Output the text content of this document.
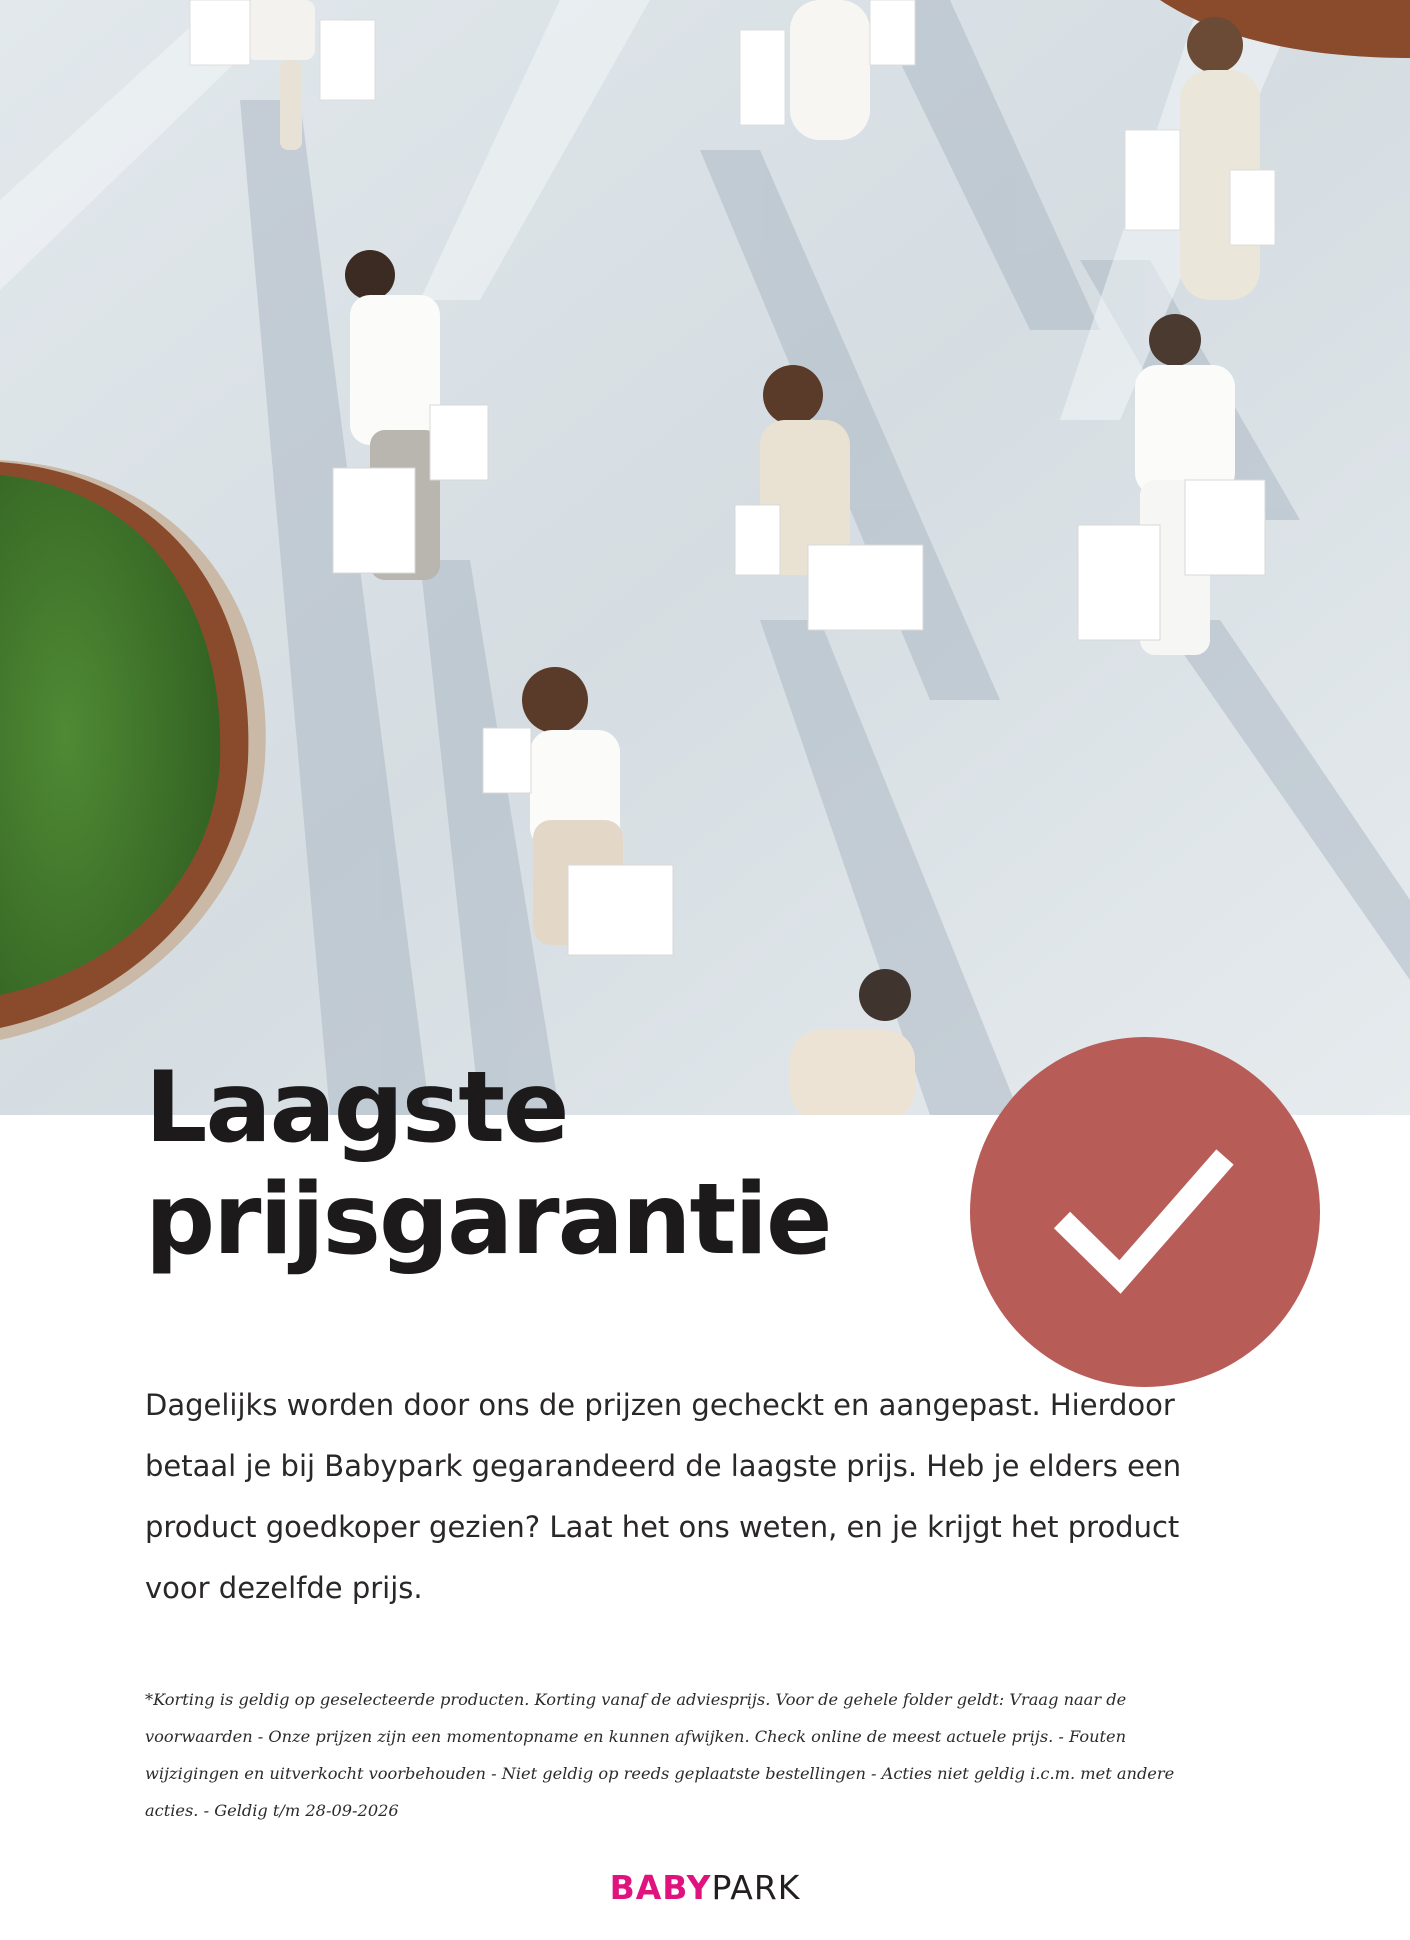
Laagste
prijsgarantie

Dagelijks worden door ons de prijzen gecheckt en aangepast. Hierdoor betaal je bij Babypark gegarandeerd de laagste prijs. Heb je elders een product goedkoper gezien? Laat het ons weten, en je krijgt het product voor dezelfde prijs.

*Korting is geldig op geselecteerde producten. Korting vanaf de adviesprijs. Voor de gehele folder geldt: Vraag naar de voorwaarden - Onze prijzen zijn een momentopname en kunnen afwijken. Check online de meest actuele prijs. - Fouten wijzigingen en uitverkocht voorbehouden - Niet geldig op reeds geplaatste bestellingen - Acties niet geldig i.c.m. met andere acties. - Geldig t/m 28-09-2026

BABYPARK
